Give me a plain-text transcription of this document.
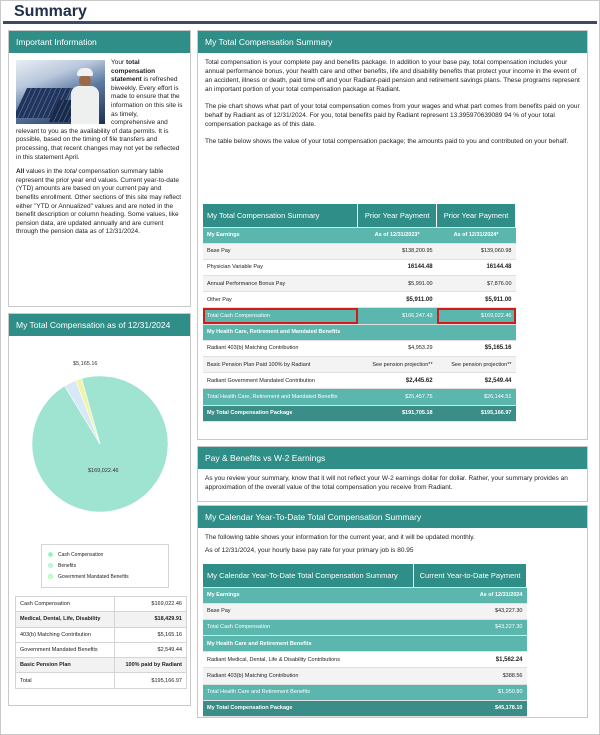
Summary
Important Information

Your total compensation statement is refreshed biweekly. Every effort is made to ensure that the information on this site is as timely, comprehensive and relevant to you as the availability of data permits. It is possible, based on the timing of file transfers and processing, that recent changes may not yet be reflected in this statement April.

All values in the total compensation summary table represent the prior year end values. Current year-to-date (YTD) amounts are based on your current pay and benefits enrollment. Other sections of this site may reflect either "YTD or Annualized" values and are noted in the benefit description or column heading. Some values, like pension data, are updated annually and are current through the pension data as of 12/31/2024.

My Total Compensation as of 12/31/2024
$5,165.16
$169,022.46
Cash Compensation
Benefits
Government Mandated Benefits
Cash Compensation	$169,022.46
Medical, Dental, Life, Disability	$18,429.91
403(b) Matching Contribution	$5,165.16
Government Mandated Benefits	$2,549.44
Basic Pension Plan	100% paid by Radiant
Total	$195,166.97
My Total Compensation Summary

Total compensation is your complete pay and benefits package. In addition to your base pay, total compensation includes your annual performance bonus, your health care and other benefits, life and disability benefits that protect your income in the event of an accident, illness or death, paid time off and your Radiant-paid pension and retirement savings plans. These programs represent an important portion of your total compensation package at Radiant.

The pie chart shows what part of your total compensation comes from your wages and what part comes from benefits paid on your behalf by Radiant as of 12/31/2024. For you, total benefits paid by Radiant represent 13.395970639089 94 % of your total compensation package as of this date.

The table below shows the value of your total compensation package; the amounts paid to you and contributed on your behalf.

My Total Compensation Summary	Prior Year Payment	Prior Year Payment
My Earnings	As of 12/31/2023*	As of 12/31/2024*
Base Pay	$138,200.95	$139,060.98
Physician Variable Pay	16144.48	16144.48
Annual Performance Bonus Pay	$5,991.00	$7,876.00
Other Pay	$5,911.00	$5,911.00
Total Cash Compensation	$166,247.43	$169,022.46
My Health Care, Retirement and Mandated Benefits		
Radiant 403(b) Matching Contribution	$4,953.29	$5,165.16
Basic Pension Plan Paid 100% by Radiant	See pension projection**	See pension projection**
Radiant Government Mandated Contribution	$2,445.62	$2,549.44
Total Health Care, Retirement and Mandated Benefits	$25,457.75	$26,144.51
My Total Compensation Package	$191,705.18	$195,166.97
Pay & Benefits vs W-2 Earnings
As you review your summary, know that it will not reflect your W-2 earnings dollar for dollar. Rather, your summary provides an approximation of the overall value of the total compensation you receive from Radiant.
My Calendar Year-To-Date Total Compensation Summary

The following table shows your information for the current year, and it will be updated monthly.

As of 12/31/2024, your hourly base pay rate for your primary job is 80.95

My Calendar Year-To-Date Total Compensation Summary	Current Year-to-Date Payment
My Earnings	As of 12/31/2024
Base Pay	$43,227.30
Total Cash Compensation	$43,227.30
My Health Care and Retirement Benefits	
Radiant Medical, Dental, Life & Disability Contributions	$1,562.24
Radiant 403(b) Matching Contribution	$388.56
Total Health Care and Retirement Benefits	$1,950.80
My Total Compensation Package	$45,178.10
